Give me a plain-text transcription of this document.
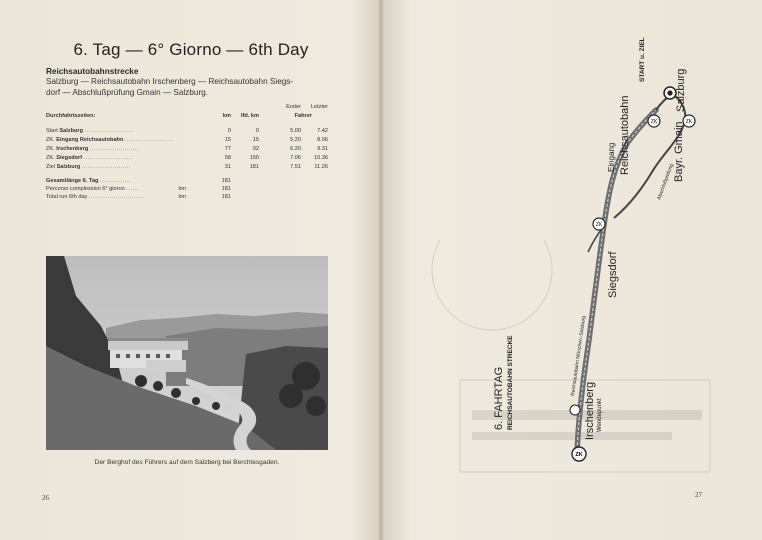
6. Tag — 6° Giorno — 6th Day
Reichsautobahnstrecke
Salzburg — Reichsautobahn Irschenberg — Reichsautobahn Siegs-
dorf — Abschlußprüfung Gmain — Salzburg.
Erster	Letzter
Durchfahrtszeiten:	km	lfd. km	Fahrer
Start Salzburg ........................	0	0	5.00	7.42
ZK. Eingang Reichsautobahn ........................	15	15	5.20	8.06
ZK. Irschenberg ........................	77	92	6.20	9.31
ZK. Siegsdorf ........................	58	150	7.06	10.36
Ziel Salzburg ........................	31	181	7.51	11.26
Gesamtlänge 6. Tag ...............	181
Percorso complessivo 6° giorno ......	km	181
Total run 6th day ...........................	km	181
Der Berghof des Führers auf dem Salzberg bei Berchtesgaden.
26
ZK	ZK
ZK
ZK
START u. ZIEL
Salzburg
Eingang Reichsautobahn	Bayr. Gmain
Abschlußprüfung
Siegsdorf
Reichsautobahn München–Salzburg
Irschenberg Wendepunkt
6. FAHRTAG REICHSAUTOBAHN STRECKE
27
